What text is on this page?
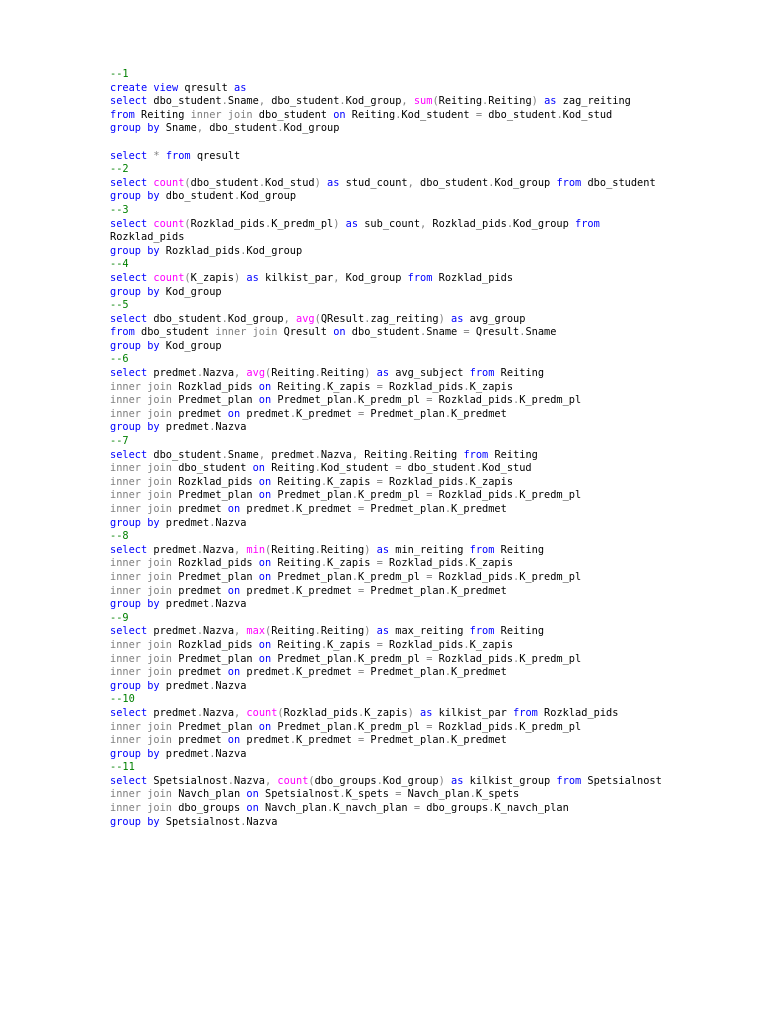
--1
create view qresult as
select dbo_student.Sname, dbo_student.Kod_group, sum(Reiting.Reiting) as zag_reiting
from Reiting inner join dbo_student on Reiting.Kod_student = dbo_student.Kod_stud
group by Sname, dbo_student.Kod_group

select * from qresult
--2
select count(dbo_student.Kod_stud) as stud_count, dbo_student.Kod_group from dbo_student
group by dbo_student.Kod_group
--3
select count(Rozklad_pids.K_predm_pl) as sub_count, Rozklad_pids.Kod_group from
Rozklad_pids
group by Rozklad_pids.Kod_group
--4
select count(K_zapis) as kilkist_par, Kod_group from Rozklad_pids
group by Kod_group
--5
select dbo_student.Kod_group, avg(QResult.zag_reiting) as avg_group
from dbo_student inner join Qresult on dbo_student.Sname = Qresult.Sname
group by Kod_group
--6
select predmet.Nazva, avg(Reiting.Reiting) as avg_subject from Reiting
inner join Rozklad_pids on Reiting.K_zapis = Rozklad_pids.K_zapis
inner join Predmet_plan on Predmet_plan.K_predm_pl = Rozklad_pids.K_predm_pl
inner join predmet on predmet.K_predmet = Predmet_plan.K_predmet
group by predmet.Nazva
--7
select dbo_student.Sname, predmet.Nazva, Reiting.Reiting from Reiting
inner join dbo_student on Reiting.Kod_student = dbo_student.Kod_stud
inner join Rozklad_pids on Reiting.K_zapis = Rozklad_pids.K_zapis
inner join Predmet_plan on Predmet_plan.K_predm_pl = Rozklad_pids.K_predm_pl
inner join predmet on predmet.K_predmet = Predmet_plan.K_predmet
group by predmet.Nazva
--8
select predmet.Nazva, min(Reiting.Reiting) as min_reiting from Reiting
inner join Rozklad_pids on Reiting.K_zapis = Rozklad_pids.K_zapis
inner join Predmet_plan on Predmet_plan.K_predm_pl = Rozklad_pids.K_predm_pl
inner join predmet on predmet.K_predmet = Predmet_plan.K_predmet
group by predmet.Nazva
--9
select predmet.Nazva, max(Reiting.Reiting) as max_reiting from Reiting
inner join Rozklad_pids on Reiting.K_zapis = Rozklad_pids.K_zapis
inner join Predmet_plan on Predmet_plan.K_predm_pl = Rozklad_pids.K_predm_pl
inner join predmet on predmet.K_predmet = Predmet_plan.K_predmet
group by predmet.Nazva
--10
select predmet.Nazva, count(Rozklad_pids.K_zapis) as kilkist_par from Rozklad_pids
inner join Predmet_plan on Predmet_plan.K_predm_pl = Rozklad_pids.K_predm_pl
inner join predmet on predmet.K_predmet = Predmet_plan.K_predmet
group by predmet.Nazva
--11
select Spetsialnost.Nazva, count(dbo_groups.Kod_group) as kilkist_group from Spetsialnost
inner join Navch_plan on Spetsialnost.K_spets = Navch_plan.K_spets
inner join dbo_groups on Navch_plan.K_navch_plan = dbo_groups.K_navch_plan
group by Spetsialnost.Nazva
